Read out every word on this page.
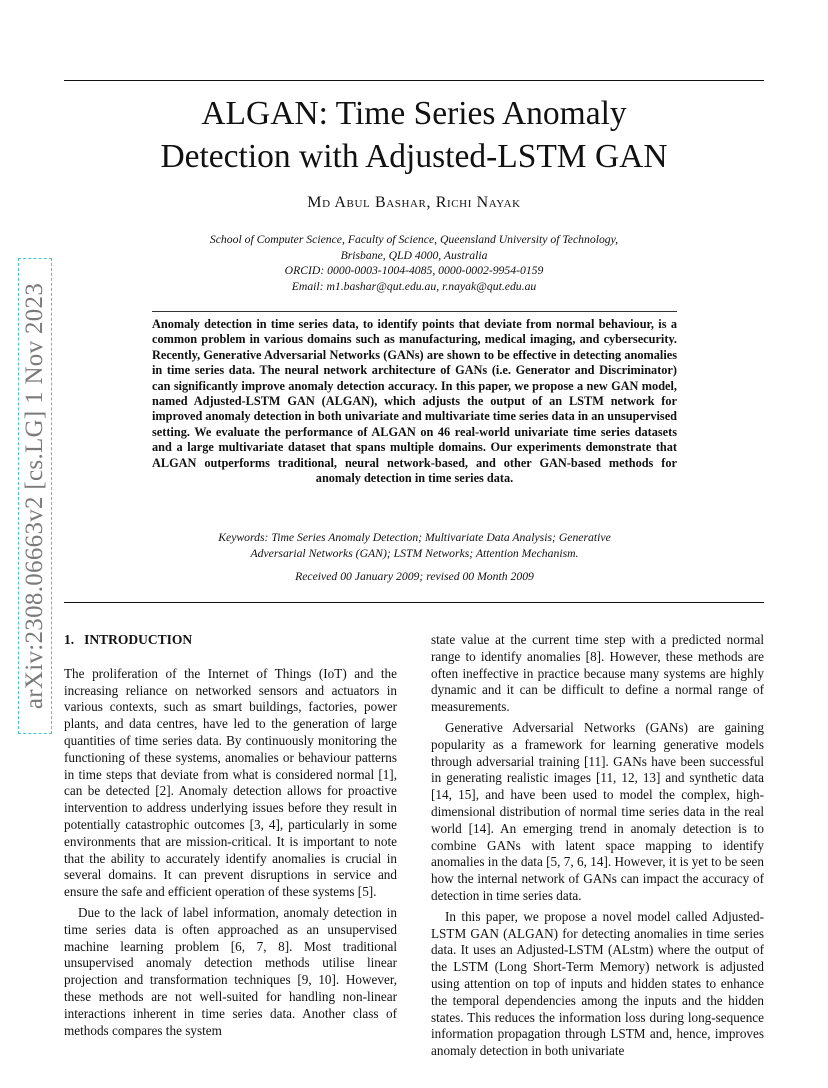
arXiv:2308.06663v2 [cs.LG] 1 Nov 2023
ALGAN: Time Series Anomaly
Detection with Adjusted-LSTM GAN
Md Abul Bashar, Richi Nayak
School of Computer Science, Faculty of Science, Queensland University of Technology,
Brisbane, QLD 4000, Australia
ORCID: 0000-0003-1004-4085, 0000-0002-9954-0159
Email: m1.bashar@qut.edu.au, r.nayak@qut.edu.au

Anomaly detection in time series data, to identify points that deviate from normal behaviour, is a common problem in various domains such as manufacturing, medical imaging, and cybersecurity. Recently, Generative Adversarial Networks (GANs) are shown to be effective in detecting anomalies in time series data. The neural network architecture of GANs (i.e. Generator and Discriminator) can significantly improve anomaly detection accuracy. In this paper, we propose a new GAN model, named Adjusted-LSTM GAN (ALGAN), which adjusts the output of an LSTM network for improved anomaly detection in both univariate and multivariate time series data in an unsupervised setting. We evaluate the performance of ALGAN on 46 real-world univariate time series datasets and a large multivariate dataset that spans multiple domains. Our experiments demonstrate that ALGAN outperforms traditional, neural network-based, and other GAN-based methods for anomaly detection in time series data.

Keywords: Time Series Anomaly Detection; Multivariate Data Analysis; Generative
Adversarial Networks (GAN); LSTM Networks; Attention Mechanism.
Received 00 January 2009; revised 00 Month 2009
1. INTRODUCTION

The proliferation of the Internet of Things (IoT) and the increasing reliance on networked sensors and actuators in various contexts, such as smart buildings, factories, power plants, and data centres, have led to the generation of large quantities of time series data. By continuously monitoring the functioning of these systems, anomalies or behaviour patterns in time steps that deviate from what is considered normal [1], can be detected [2]. Anomaly detection allows for proactive intervention to address underlying issues before they result in potentially catastrophic outcomes [3, 4], particularly in some environments that are mission-critical. It is important to note that the ability to accurately identify anomalies is crucial in several domains. It can prevent disruptions in service and ensure the safe and efficient operation of these systems [5].

Due to the lack of label information, anomaly detection in time series data is often approached as an unsupervised machine learning problem [6, 7, 8]. Most traditional unsupervised anomaly detection methods utilise linear projection and transformation techniques [9, 10]. However, these methods are not well-suited for handling non-linear interactions inherent in time series data. Another class of methods compares the system

state value at the current time step with a predicted normal range to identify anomalies [8]. However, these methods are often ineffective in practice because many systems are highly dynamic and it can be difficult to define a normal range of measurements.

Generative Adversarial Networks (GANs) are gaining popularity as a framework for learning generative models through adversarial training [11]. GANs have been successful in generating realistic images [11, 12, 13] and synthetic data [14, 15], and have been used to model the complex, high-dimensional distribution of normal time series data in the real world [14]. An emerging trend in anomaly detection is to combine GANs with latent space mapping to identify anomalies in the data [5, 7, 6, 14]. However, it is yet to be seen how the internal network of GANs can impact the accuracy of detection in time series data.

In this paper, we propose a novel model called Adjusted-LSTM GAN (ALGAN) for detecting anomalies in time series data. It uses an Adjusted-LSTM (ALstm) where the output of the LSTM (Long Short-Term Memory) network is adjusted using attention on top of inputs and hidden states to enhance the temporal dependencies among the inputs and the hidden states. This reduces the information loss during long-sequence information propagation through LSTM and, hence, improves anomaly detection in both univariate
